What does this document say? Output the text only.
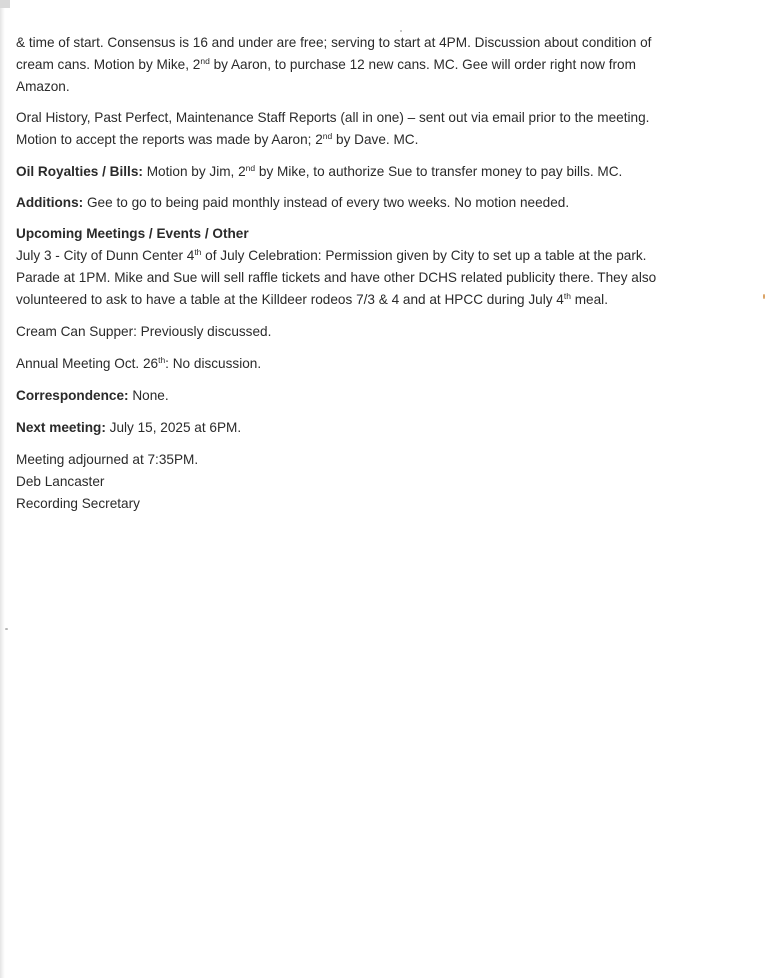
& time of start. Consensus is 16 and under are free; serving to start at 4PM. Discussion about condition of

cream cans. Motion by Mike, 2nd by Aaron, to purchase 12 new cans. MC. Gee will order right now from

Amazon.

Oral History, Past Perfect, Maintenance Staff Reports (all in one) – sent out via email prior to the meeting.

Motion to accept the reports was made by Aaron; 2nd by Dave. MC.

Oil Royalties / Bills: Motion by Jim, 2nd by Mike, to authorize Sue to transfer money to pay bills. MC.

Additions: Gee to go to being paid monthly instead of every two weeks. No motion needed.

Upcoming Meetings / Events / Other

July 3 - City of Dunn Center 4th of July Celebration: Permission given by City to set up a table at the park.

Parade at 1PM. Mike and Sue will sell raffle tickets and have other DCHS related publicity there. They also

volunteered to ask to have a table at the Killdeer rodeos 7/3 & 4 and at HPCC during July 4th meal.

Cream Can Supper: Previously discussed.

Annual Meeting Oct. 26th: No discussion.

Correspondence: None.

Next meeting: July 15, 2025 at 6PM.

Meeting adjourned at 7:35PM.

Deb Lancaster

Recording Secretary
